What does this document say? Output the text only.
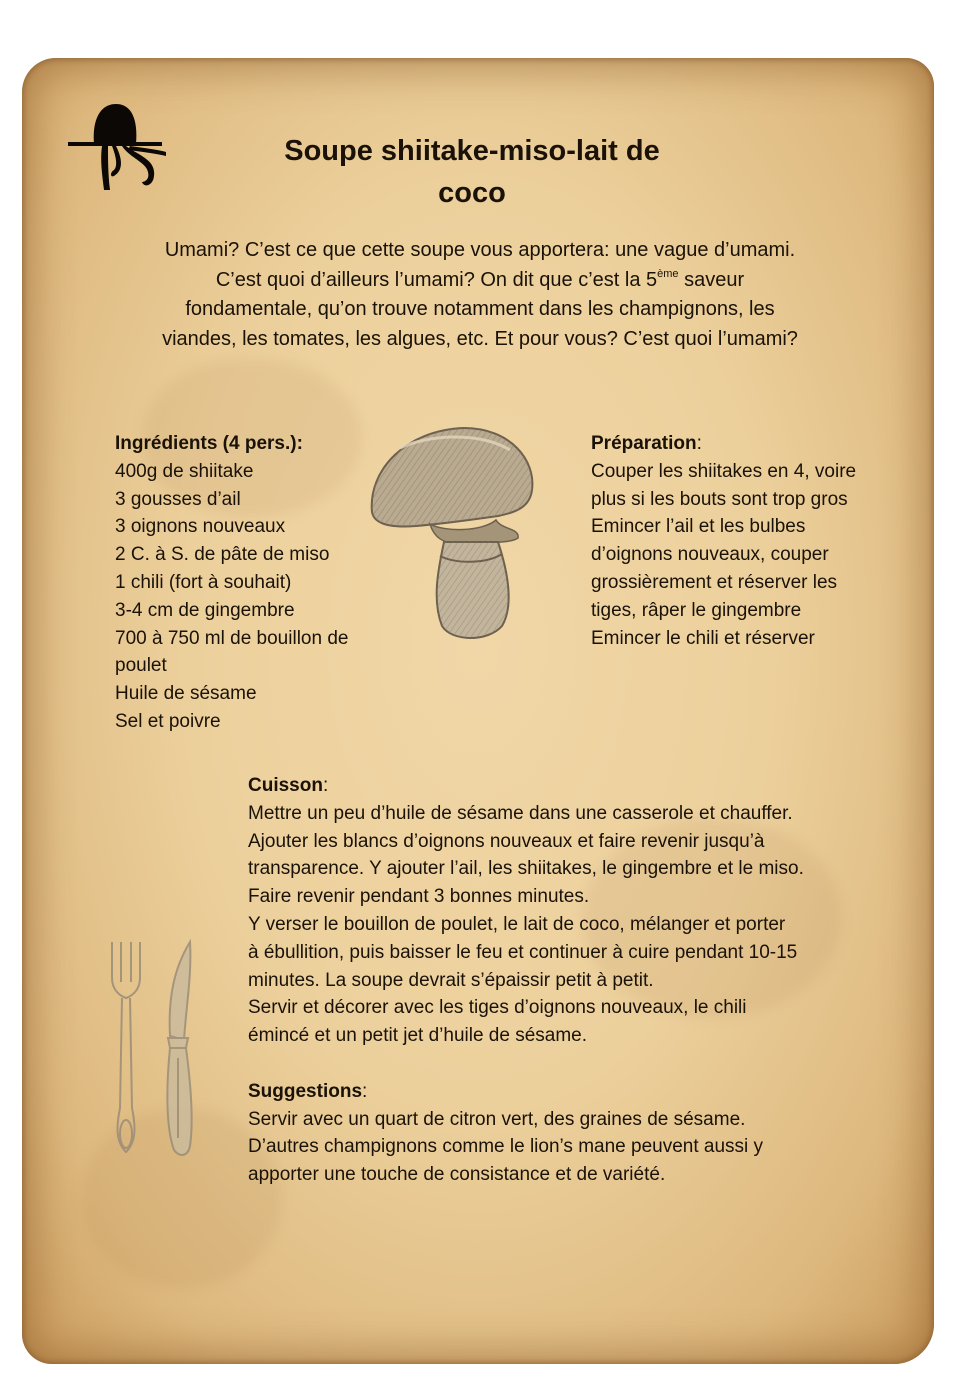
Soupe shiitake-miso-lait de
coco
Umami? C’est ce que cette soupe vous apportera: une vague d’umami.
C’est quoi d’ailleurs l’umami? On dit que c’est la 5ème saveur
fondamentale, qu’on trouve notamment dans les champignons, les
viandes, les tomates, les algues, etc. Et pour vous? C’est quoi l’umami?
Ingrédients (4 pers.):
400g de shiitake
3 gousses d’ail
3 oignons nouveaux
2 C. à S. de pâte de miso
1 chili (fort à souhait)
3-4 cm de gingembre
700 à 750 ml de bouillon de
poulet
Huile de sésame
Sel et poivre
Préparation:
Couper les shiitakes en 4, voire
plus si les bouts sont trop gros
Emincer l’ail et les bulbes
d’oignons nouveaux, couper
grossièrement et réserver les
tiges, râper le gingembre
Emincer le chili et réserver
Cuisson:
Mettre un peu d’huile de sésame dans une casserole et chauffer.
Ajouter les blancs d’oignons nouveaux et faire revenir jusqu’à
transparence. Y ajouter l’ail, les shiitakes, le gingembre et le miso.
Faire revenir pendant 3 bonnes minutes.
Y verser le bouillon de poulet, le lait de coco, mélanger et porter
à ébullition, puis baisser le feu et continuer à cuire pendant 10-15
minutes. La soupe devrait s’épaissir petit à petit.
Servir et décorer avec les tiges d’oignons nouveaux, le chili
émincé et un petit jet d’huile de sésame.
Suggestions:
Servir avec un quart de citron vert, des graines de sésame.
D’autres champignons comme le lion’s mane peuvent aussi y
apporter une touche de consistance et de variété.
